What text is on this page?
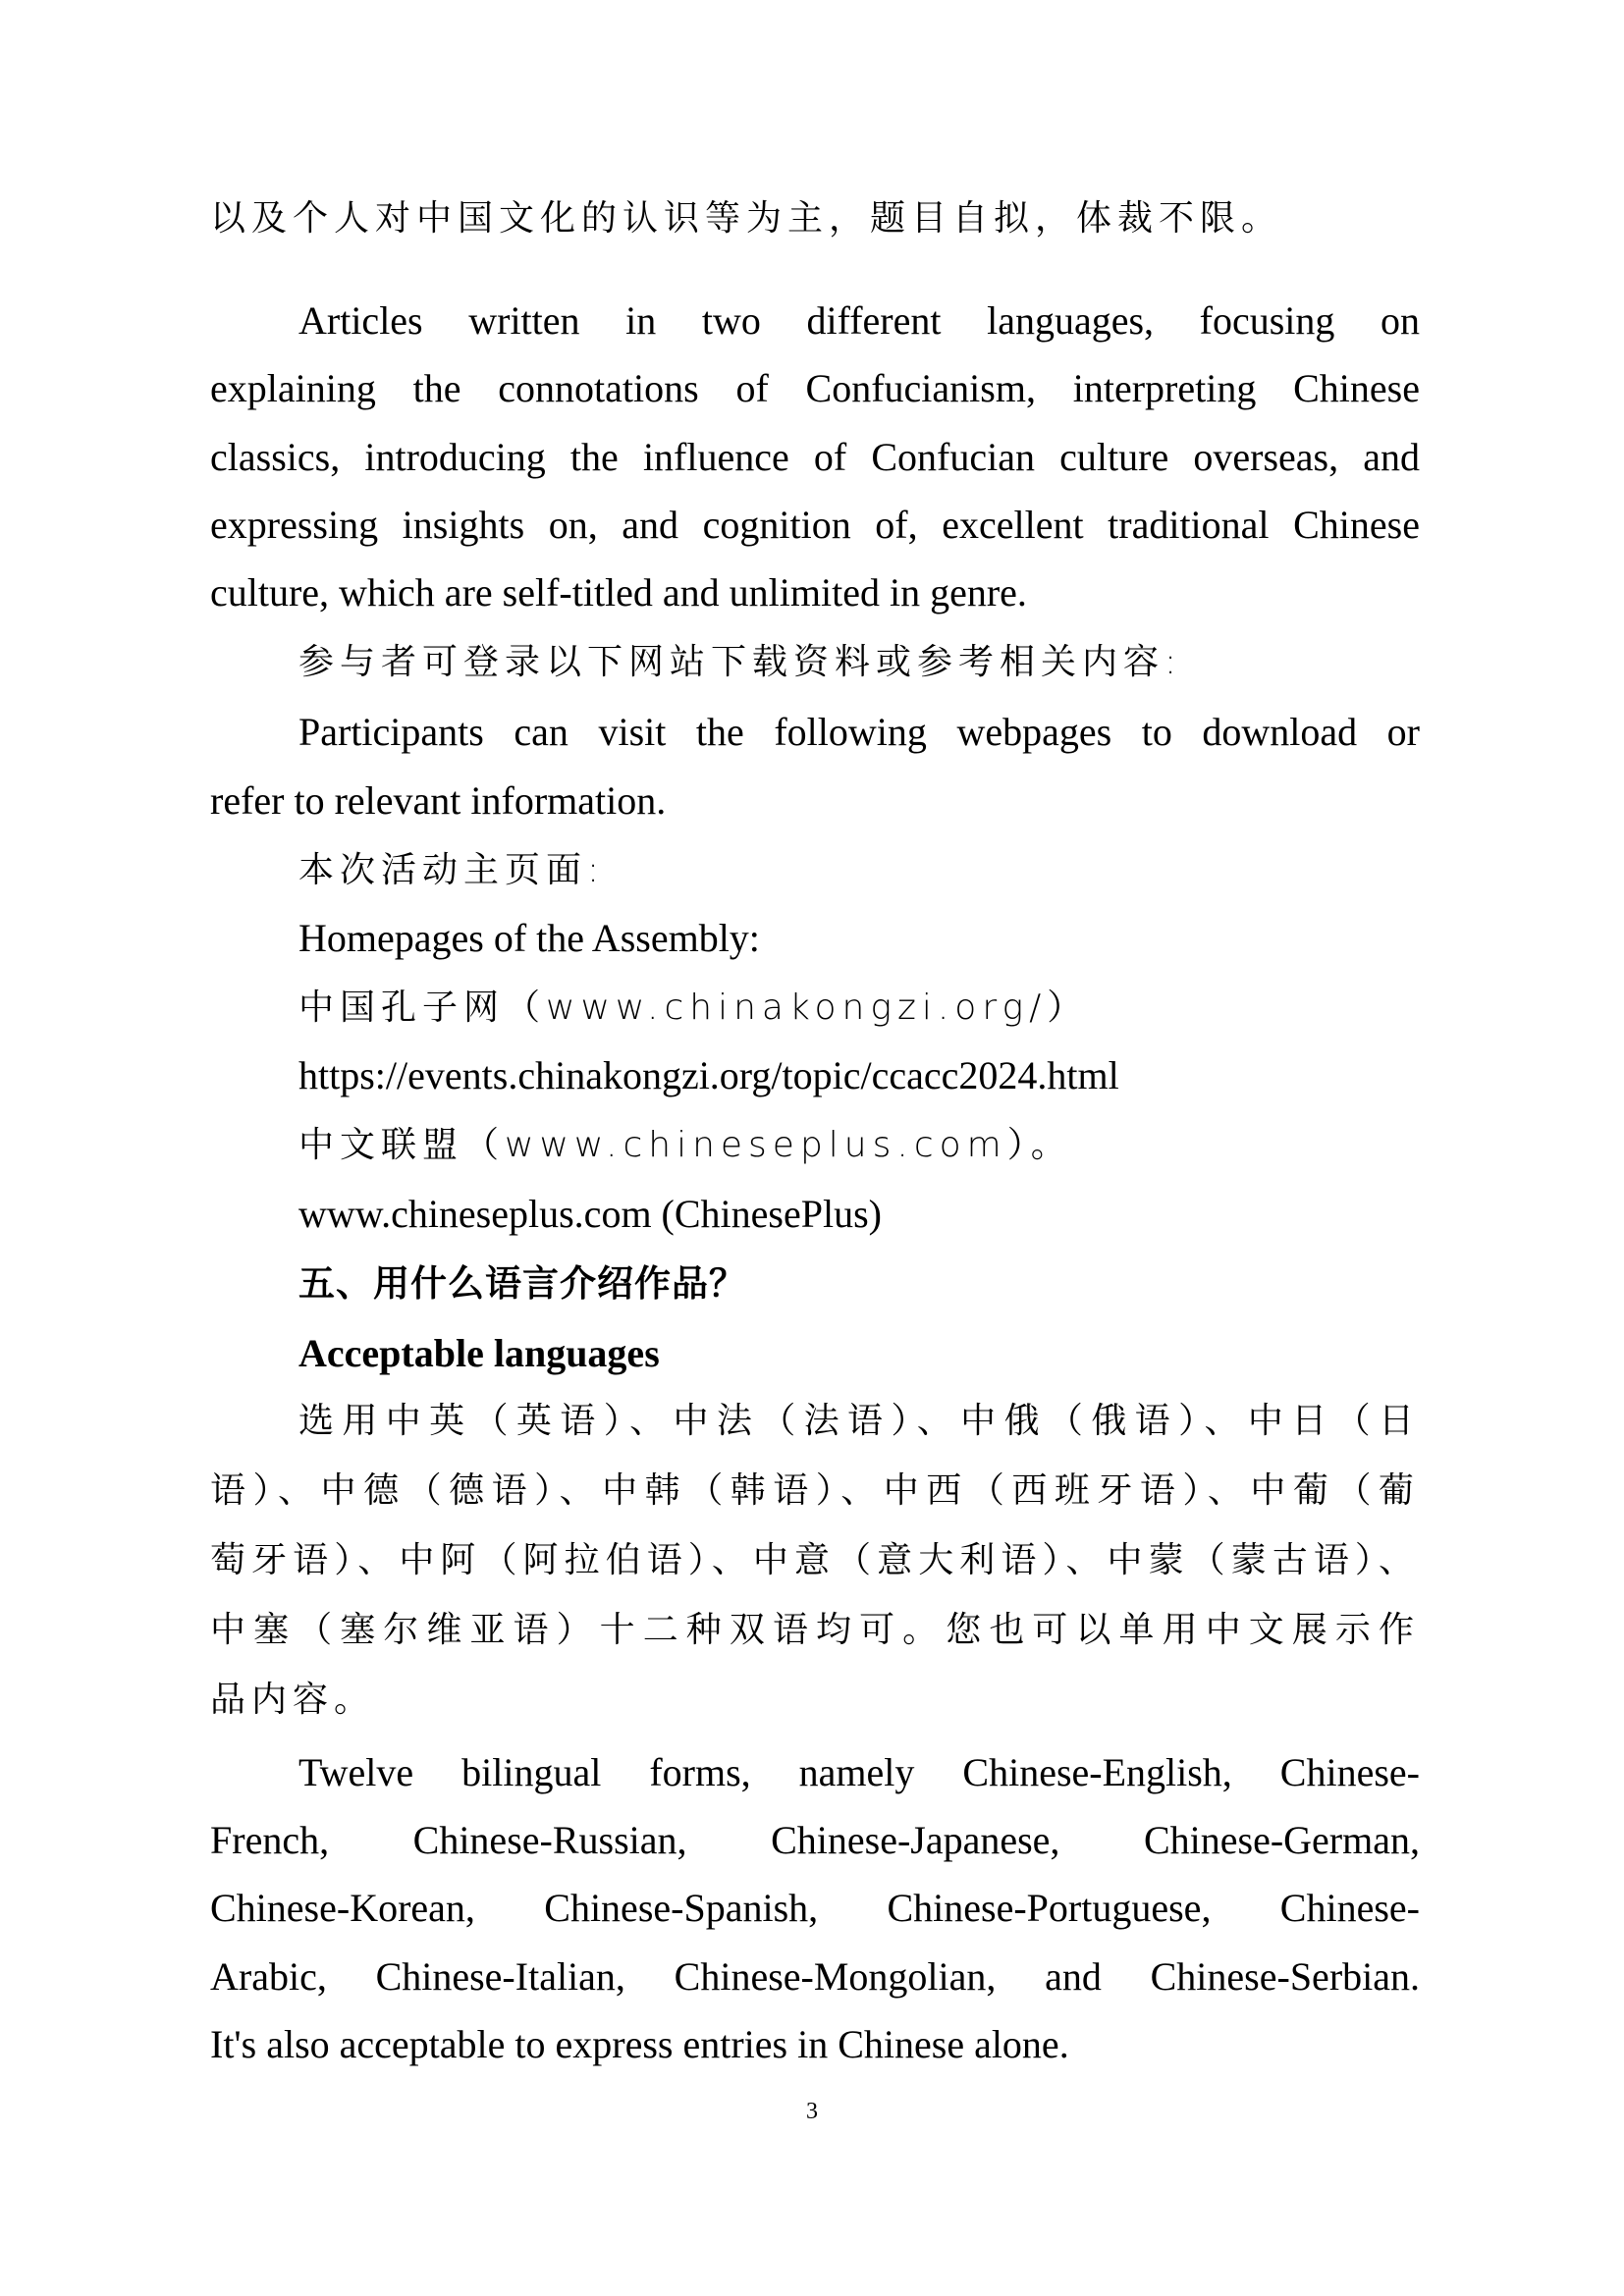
以及个人对中国文化的认识等为主，题目自拟，体裁不限。
Articles written in two different languages, focusing on
explaining the connotations of Confucianism, interpreting Chinese
classics, introducing the influence of Confucian culture overseas, and
expressing insights on, and cognition of, excellent traditional Chinese
culture, which are self-titled and unlimited in genre.
参与者可登录以下网站下载资料或参考相关内容:
Participants can visit the following webpages to download or
refer to relevant information.
本次活动主页面:
Homepages of the Assembly:
中国孔子网（www.chinakongzi.org/）
https://events.chinakongzi.org/topic/ccacc2024.html
中文联盟（www.chineseplus.com）。
www.chineseplus.com (ChinesePlus)
五、用什么语言介绍作品？
Acceptable languages
选用中英（英语）、中法（法语）、中俄（俄语）、中日（日
语）、中德（德语）、中韩（韩语）、中西（西班牙语）、中葡（葡
萄牙语）、中阿（阿拉伯语）、中意（意大利语）、中蒙（蒙古语）、
中塞（塞尔维亚语）十二种双语均可。您也可以单用中文展示作
品内容。
Twelve bilingual forms, namely Chinese-English, Chinese-
French, Chinese-Russian, Chinese-Japanese, Chinese-German,
Chinese-Korean, Chinese-Spanish, Chinese-Portuguese, Chinese-
Arabic, Chinese-Italian, Chinese-Mongolian, and Chinese-Serbian.
It's also acceptable to express entries in Chinese alone.
3
